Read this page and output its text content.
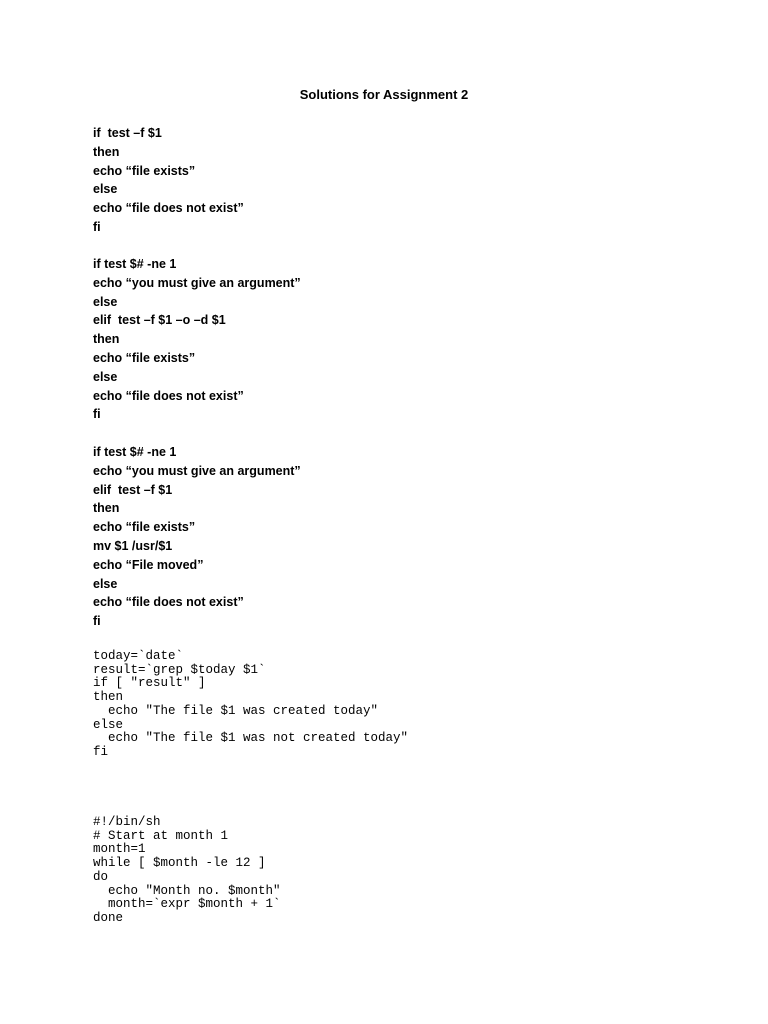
Solutions for Assignment 2
if  test –f $1
then
echo “file exists”
else
echo “file does not exist”
fi
if test $# -ne 1
echo “you must give an argument”
else
elif  test –f $1 –o –d $1
then
echo “file exists”
else
echo “file does not exist”
fi
if test $# -ne 1
echo “you must give an argument”
elif  test –f $1
then
echo “file exists”
mv $1 /usr/$1
echo “File moved”
else
echo “file does not exist”
fi
today=`date`
result=`grep $today $1`
if [ "result" ]
then
echo "The file $1 was created today"
else
echo "The file $1 was not created today"
fi
#!/bin/sh
# Start at month 1
month=1
while [ $month -le 12 ]
do
echo "Month no. $month"
month=`expr $month + 1`
done
